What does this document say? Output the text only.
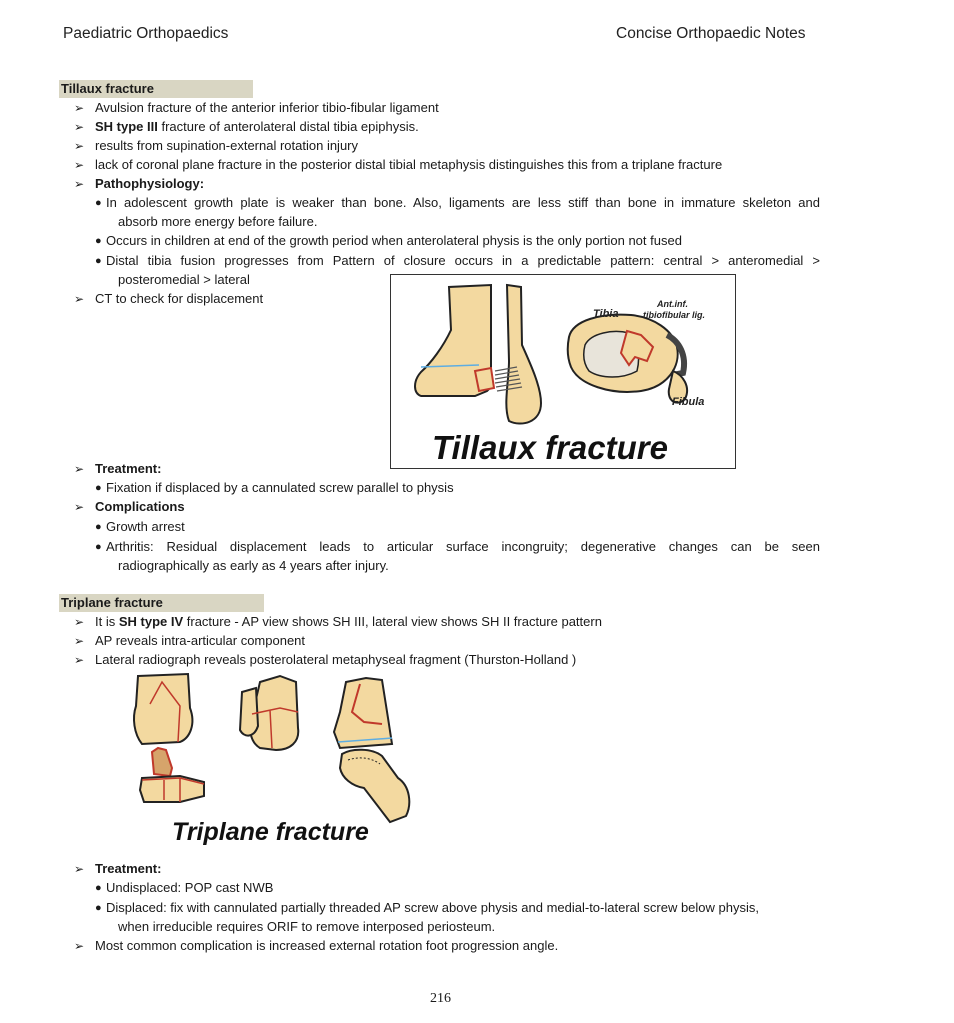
Paediatric Orthopaedics	Concise Orthopaedic Notes
Tillaux fracture
➢ Avulsion fracture of the anterior inferior tibio-fibular ligament
➢ SH type III fracture of anterolateral distal tibia epiphysis.
➢ results from supination-external rotation injury
➢ lack of coronal plane fracture in the posterior distal tibial metaphysis distinguishes this from a triplane fracture
➢ Pathophysiology:
● In adolescent growth plate is weaker than bone. Also, ligaments are less stiff than bone in immature skeleton and
absorb more energy before failure.
● Occurs in children at end of the growth period when anterolateral physis is the only portion not fused
● Distal tibia fusion progresses from Pattern of closure occurs in a predictable pattern: central > anteromedial >
posteromedial > lateral
➢ CT to check for displacement
Tibia
Ant.inf.
tibiofibular lig.
Fibula
Tillaux fracture
➢ Treatment:
● Fixation if displaced by a cannulated screw parallel to physis
➢ Complications
● Growth arrest
● Arthritis: Residual displacement leads to articular surface incongruity; degenerative changes can be seen
radiographically as early as 4 years after injury.
Triplane fracture
➢ It is SH type IV fracture - AP view shows SH III, lateral view shows SH II fracture pattern
➢ AP reveals intra-articular component
➢ Lateral radiograph reveals posterolateral metaphyseal fragment (Thurston-Holland )
Triplane fracture
➢ Treatment:
● Undisplaced: POP cast NWB
● Displaced: fix with cannulated partially threaded AP screw above physis and medial-to-lateral screw below physis,
when irreducible requires ORIF to remove interposed periosteum.
➢ Most common complication is increased external rotation foot progression angle.
216
